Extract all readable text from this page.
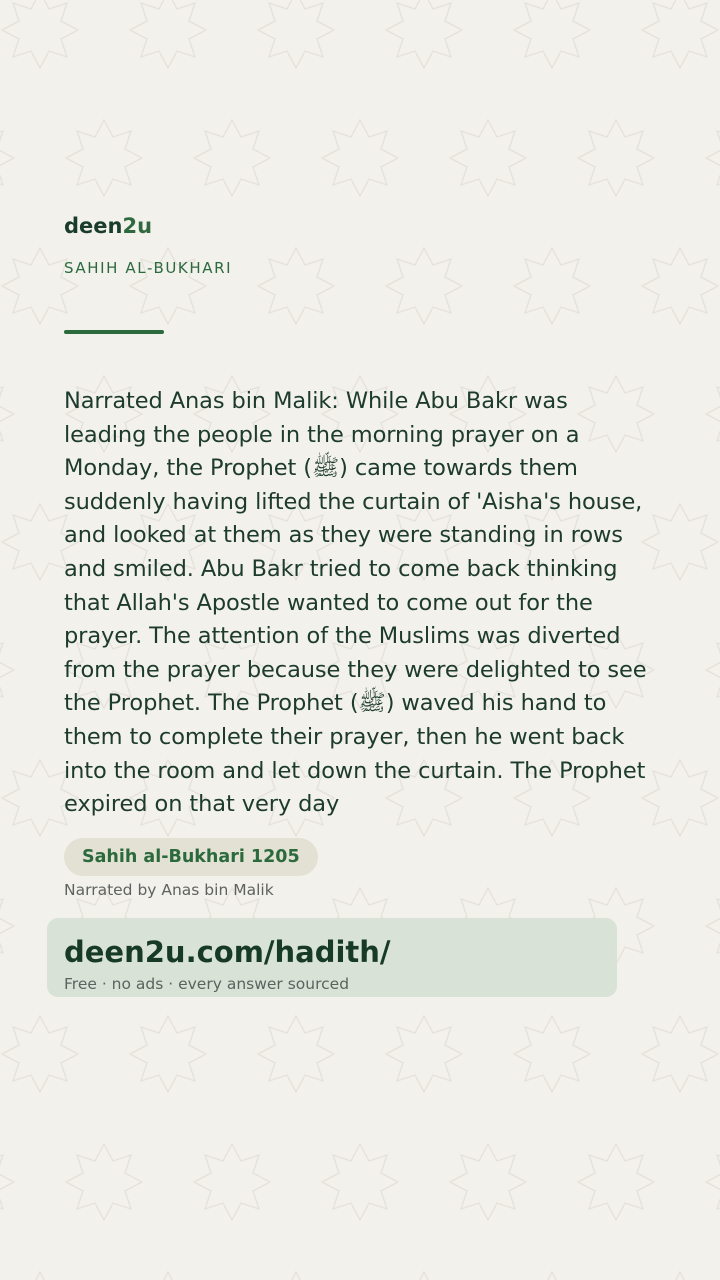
deen2u

SAHIH AL-BUKHARI

Narrated Anas bin Malik: While Abu Bakr was leading the people in the morning prayer on a Monday, the Prophet (ﷺ) came towards them suddenly having lifted the curtain of 'Aisha's house, and looked at them as they were standing in rows and smiled. Abu Bakr tried to come back thinking that Allah's Apostle wanted to come out for the prayer. The attention of the Muslims was diverted from the prayer because they were delighted to see the Prophet. The Prophet (ﷺ) waved his hand to them to complete their prayer, then he went back into the room and let down the curtain. The Prophet expired on that very day

Sahih al-Bukhari 1205

Narrated by Anas bin Malik

deen2u.com/hadith/

Free · no ads · every answer sourced
